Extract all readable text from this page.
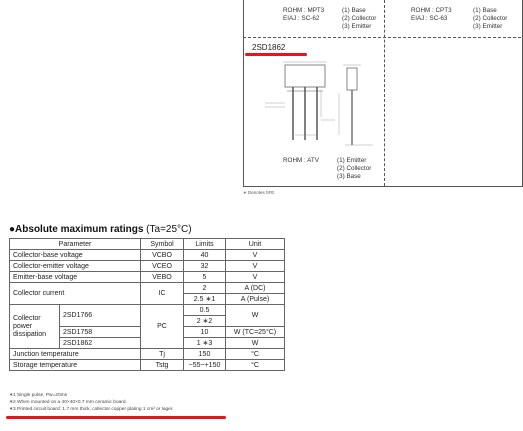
ROHM : MPT3
EIAJ : SC-62
(1) Base
(2) Collector
(3) Emitter
ROHM : CPT3
EIAJ : SC-63
(1) Base
(2) Collector
(3) Emitter
2SD1862
ROHM : ATV	(1) Emitter
(2) Collector
(3) Base
∗ Denotes hFE
●Absolute maximum ratings (Ta=25°C)
Parameter		Symbol	Limits	Unit
Collector-base voltage		VCBO	40	V
Collector-emitter voltage		VCEO	32	V
Emitter-base voltage		VEBO	5	V
Collector current		IC	2	A (DC)
			2.5 ∗1	A (Pulse)
Collector power dissipation	2SD1766	PC	0.5	W
			2 ∗2	
	2SD1758		10	W (TC=25°C)
	2SD1862		1 ∗3	W
Junction temperature		Tj	150	°C
Storage temperature		Tstg	−55~+150	°C
∗1 Single pulse, Pw=20ms
∗2 When mounted on a 40×40×0.7 mm ceramic board.
∗3 Printed circuit board: 1.7 mm thick, collector copper plating 1 cm² or lager.
